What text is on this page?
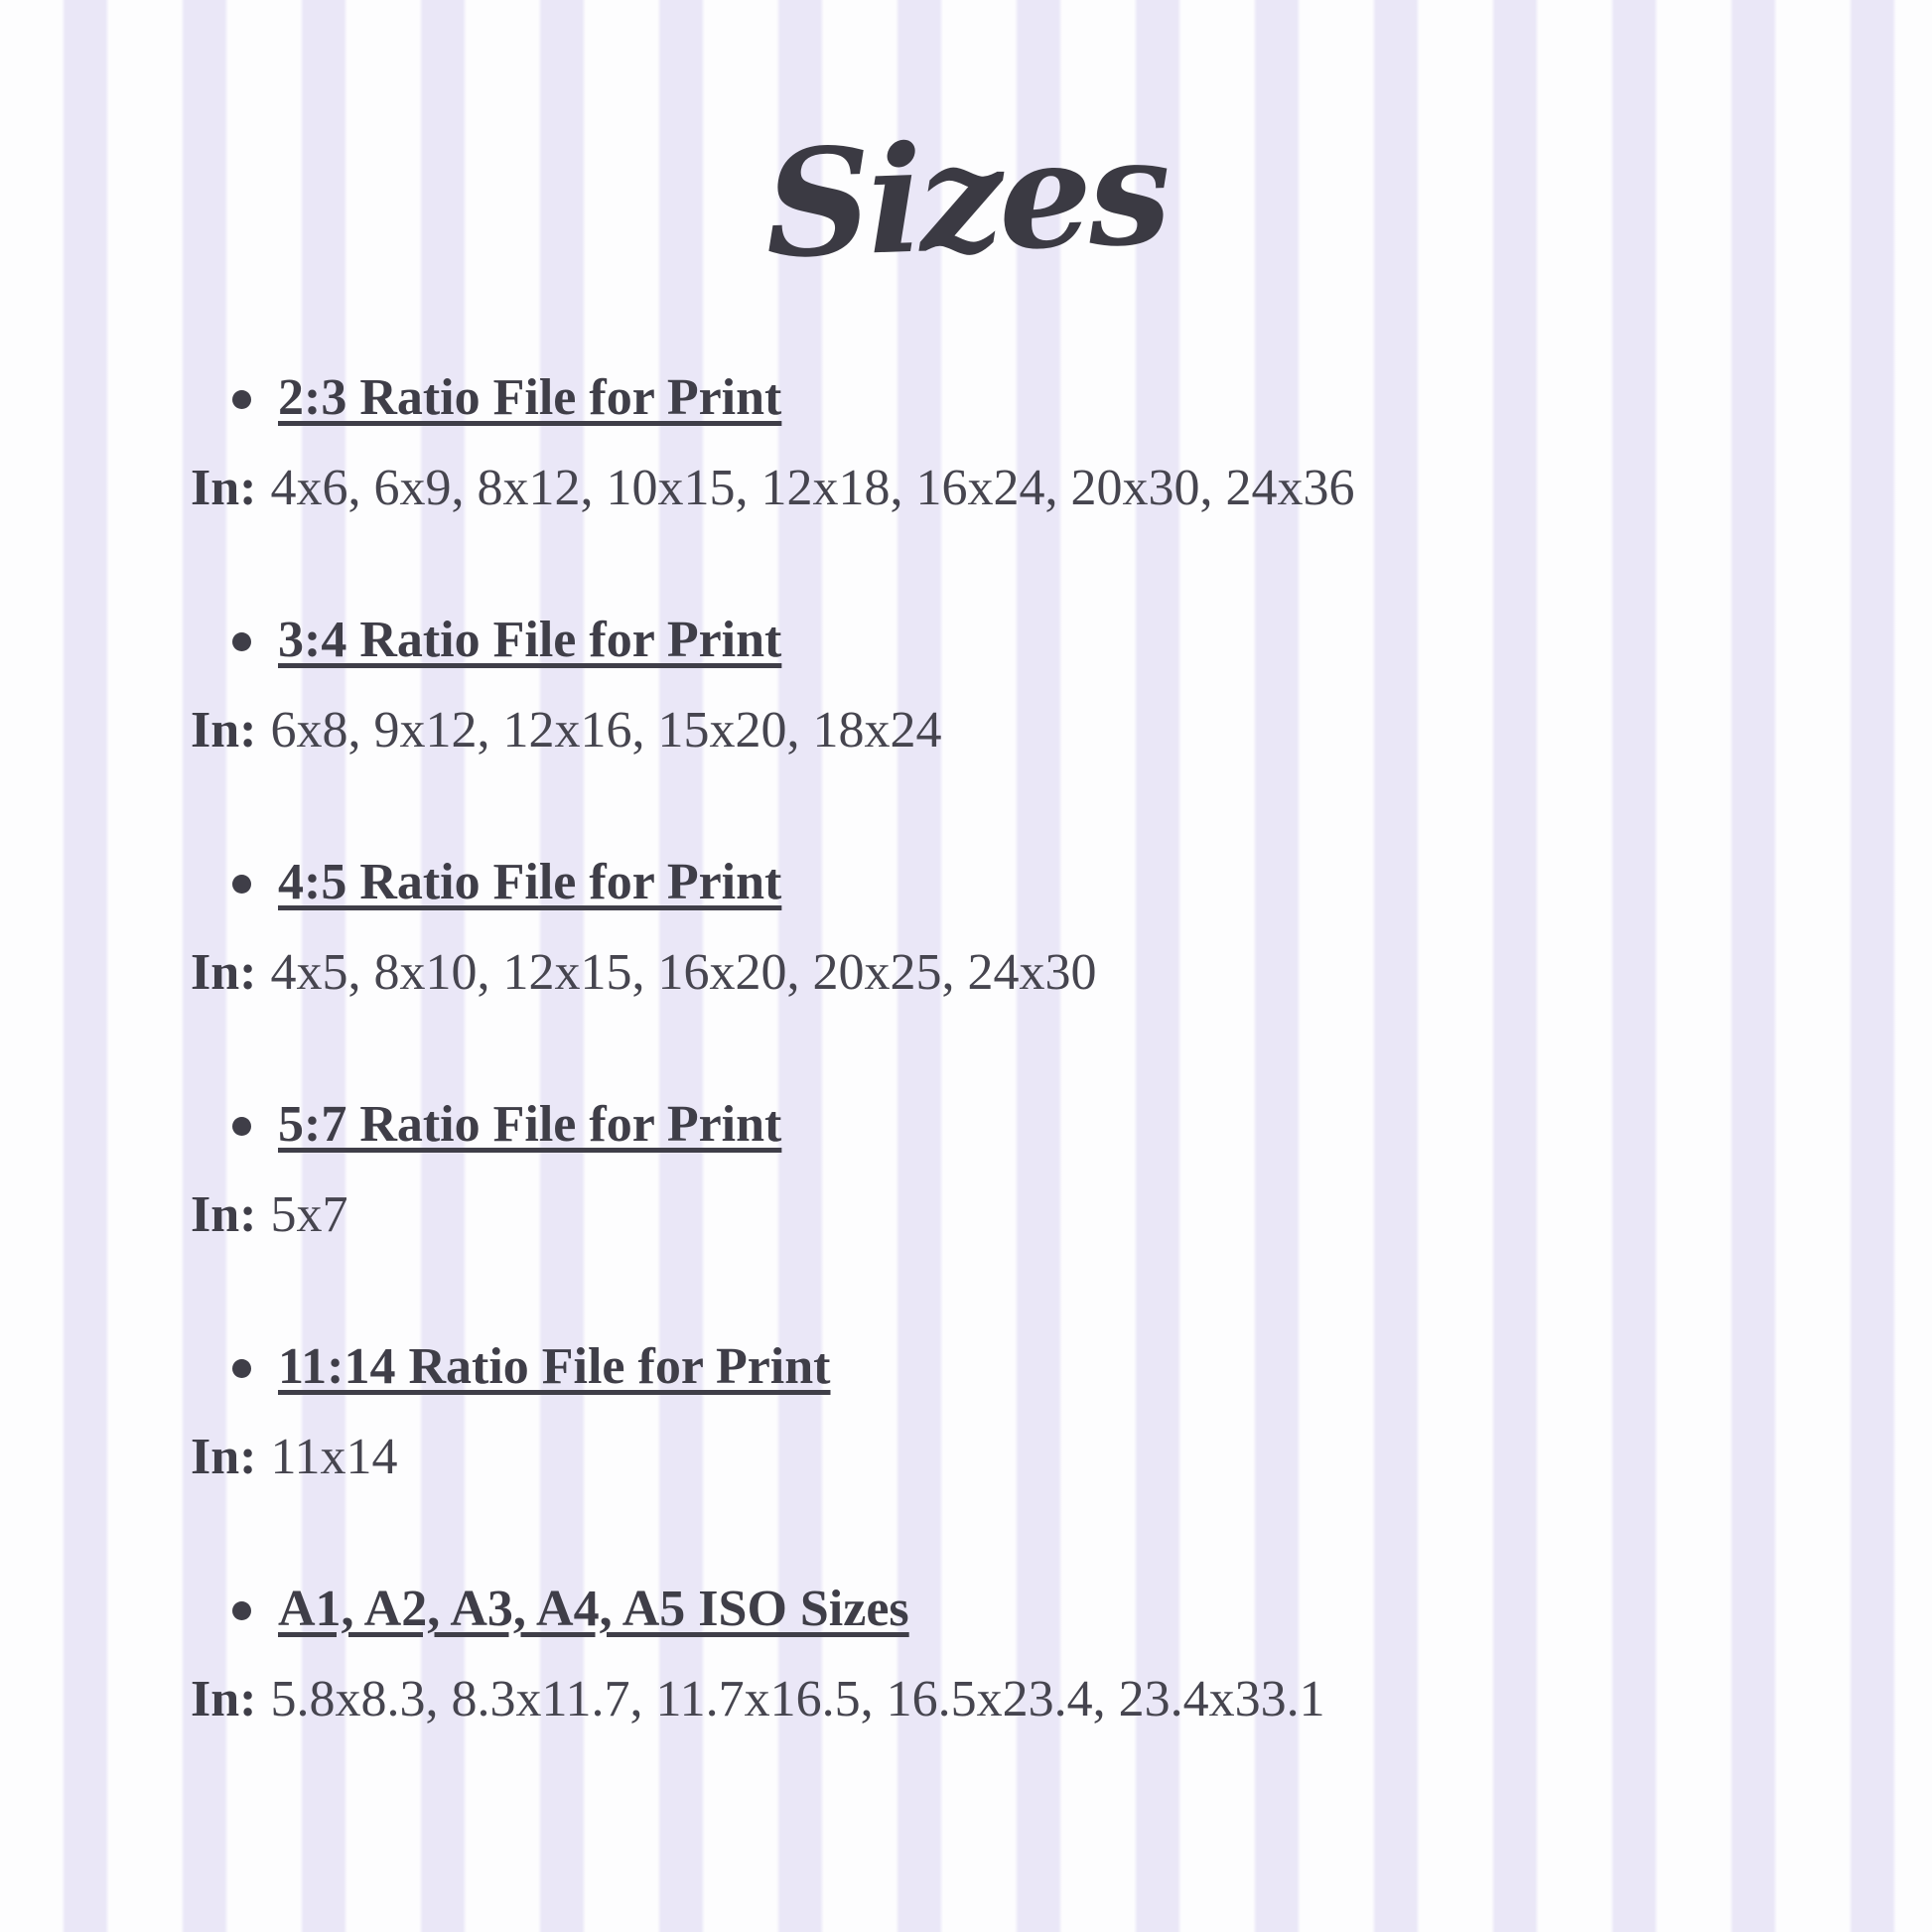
Sizes
2:3 Ratio File for Print
In: 4x6, 6x9, 8x12, 10x15, 12x18, 16x24, 20x30, 24x36
3:4 Ratio File for Print
In: 6x8, 9x12, 12x16, 15x20, 18x24
4:5 Ratio File for Print
In: 4x5, 8x10, 12x15, 16x20, 20x25, 24x30
5:7 Ratio File for Print
In: 5x7
11:14 Ratio File for Print
In: 11x14
A1, A2, A3, A4, A5 ISO Sizes
In: 5.8x8.3, 8.3x11.7, 11.7x16.5, 16.5x23.4, 23.4x33.1
